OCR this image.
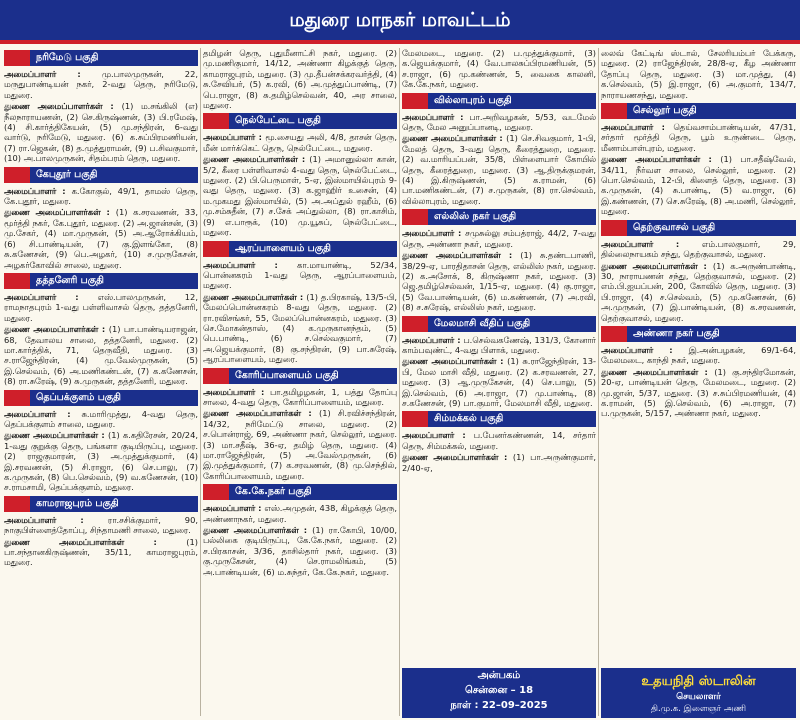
மதுரை மாநகர் மாவட்டம்
நரிமேடு பகுதி
அமைப்பாளர் : மு.பாலமுருகன், 22, மருதுபாண்டியன் நகர், 2-வது தெரு, நரிமேடு, மதுரை.
துணை அமைப்பாளர்கள் : (1) ம.சங்கிலி (எ) நீலநாராயணன், (2) செ.கிருஷ்ணன், (3) பி.ரமேஷ், (4) சி.கார்த்திகேயன், (5) மு.சந்திரன், 6-வது வார்டு, நரிமேடு, மதுரை. (6) க.சுப்பிரமணியன், (7) ரா.ஜெகன், (8) த.முத்துராமன், (9) ப.சிவகுமார், (10) அ.பாலமுருகன், சிதம்பரம் தெரு, மதுரை.
கேபுதூர் பகுதி
அமைப்பாளர் : க.கோகுல், 49/1, தாமஸ் தெரு, கே.புதூர், மதுரை.
துணை அமைப்பாளர்கள் : (1) க.சரவணன், 33, மூர்த்தி நகர், கே.புதூர், மதுரை. (2) அ.ஜான்சன், (3) மு.சேகர், (4) மா.முருகன், (5) அ.ஆரோக்கியம், (6) சி.பாண்டியன், (7) கு.இளங்கோ, (8) சு.கணேசன், (9) பெ.அழகர், (10) ச.முருகேசன், அழகர்கோவில் சாலை, மதுரை.
தத்தனேரி பகுதி
அமைப்பாளர் : எஸ்.பாலமுருகன், 12, ராமநாதபுரம் 1-வது பள்ளிவாசல் தெரு, தத்தனேரி, மதுரை.
துணை அமைப்பாளர்கள் : (1) பா.பாண்டியராஜன், 68, தேவாலய சாலை, தத்தனேரி, மதுரை. (2) மா.கார்த்திக், 71, தெருவீதி, மதுரை. (3) ச.ராஜேந்திரன், (4) மு.வேல்முருகன், (5) இ.செல்வம், (6) அ.மணிகண்டன், (7) க.கணேசன், (8) ரா.சுரேஷ், (9) சு.முருகன், தத்தனேரி, மதுரை.
தெப்பக்குளம் பகுதி
அமைப்பாளர் : சு.மாரிமுத்து, 4-வது தெரு, தெப்பக்குளம் சாலை, மதுரை.
துணை அமைப்பாளர்கள் : (1) க.கதிரேசன், 20/24, 1-வது குறுக்கு தெரு, பங்களா குடியிருப்பு, மதுரை. (2) ராஜகுமாரன், (3) அ.முத்துக்குமார், (4) இ.சரவணன், (5) சி.ராஜா, (6) செ.பாலு, (7) க.முருகன், (8) பெ.செல்வம், (9) வ.கணேசன், (10) ச.ராமசாமி, தெப்பக்குளம், மதுரை.
காமராஜபுரம் பகுதி
அமைப்பாளர் : ரா.சசிக்குமார், 90, நாகுபிள்ளைத்தோப்பு, சிந்தாமணி சாலை, மதுரை.
துணை அமைப்பாளர்கள் : (1) பா.சந்தானகிருஷ்ணன், 35/11, காமராஜபுரம், மதுரை.
தமிழன் தெரு, புதுமீனாட்சி நகர், மதுரை. (2) மு.மணிகுமார், 14/12, அண்ணா கிழக்குத் தெரு, காமராஜபுரம், மதுரை. (3) மு.தீபன்சக்கரவர்த்தி, (4) சு.சேவியர், (5) க.ரவி, (6) அ.முத்துப்பாண்டி, (7) பெ.ராஜா, (8) சு.தமிழ்செல்வன், 40, அர சாலை, மதுரை.
நெல்பேட்டை பகுதி
அமைப்பாளர் : மூ.சையது அலி, 4/8, தாசன் தெரு, மீன் மார்க்கெட் தெரு, நெல்பேட்டை, மதுரை.
துணை அமைப்பாளர்கள் : (1) அமானுல்லா கான், 5/2, கீரை பள்ளிவாசல் 4-வது தெரு, நெல்பேட்டை, மதுரை. (2) பி.பெருமாள், 5-ஏ, இஸ்மாயில்புரம் 9-வது தெரு, மதுரை. (3) க.ஜாஹிர் உசைன், (4) ம.முகமது இஸ்மாயில், (5) அ.அப்துல் ரஹீம், (6) மு.சம்சுதீன், (7) ச.சேக் அப்துல்லா, (8) ரா.காசிம், (9) எ.பாரூக், (10) மு.யூசுப், நெல்பேட்டை, மதுரை.
ஆரப்பாளையம் பகுதி
அமைப்பாளர் : கா.மாயாண்டி, 52/34, பொன்னகரம் 1-வது தெரு, ஆரப்பாளையம், மதுரை.
துணை அமைப்பாளர்கள் : (1) த.பிரகாஷ், 13/5-பி, மேலப்பொன்னகரம் 8-வது தெரு, மதுரை. (2) ரா.ரவிசங்கர், 55, மேலப்பொன்னகரம், மதுரை. (3) செ.மோகன்தாஸ், (4) க.முருகானந்தம், (5) பெ.பாண்டி, (6) ச.செல்வகுமார், (7) அ.ஜெயக்குமார், (8) கு.சந்திரன், (9) பா.சுரேஷ், ஆரப்பாளையம், மதுரை.
கோரிப்பாளையம் பகுதி
அமைப்பாளர் : பா.தமிழழகன், 1, பத்து தோப்பு சாலை, 4-வது தெரு, கோரிப்பாளையம், மதுரை.
துணை அமைப்பாளர்கள் : (1) சி.ரவிச்சந்திரன், 14/32, நரிமேட்டு சாலை, மதுரை. (2) ச.பொன்ராஜ், 69, அண்ணா நகர், செல்லூர், மதுரை. (3) மா.சதீஷ், 36-ஏ, தமிழ் தெரு, மதுரை. (4) மா.ராஜேந்திரன், (5) அ.வேல்முருகன், (6) இ.முத்துக்குமார், (7) க.சரவணன், (8) மு.செந்தில், கோரிப்பாளையம், மதுரை.
கே.கே.நகர் பகுதி
அமைப்பாளர் : எஸ்.அமுதன், 438, கிழக்குத் தெரு, அண்ணாநகர், மதுரை.
துணை அமைப்பாளர்கள் : (1) ரா.கோபி, 10/00, பல்லிகை குடியிருப்பு, கே.கே.நகர், மதுரை. (2) ச.பிரகாசன், 3/36, தாசில்தார் நகர், மதுரை. (3) கு.முருகேசன், (4) செ.ராமலிங்கம், (5) அ.பாண்டியன், (6) ம.சுந்தர், கே.கே.நகர், மதுரை.
மேலமடை, மதுரை. (2) ப.முத்துக்குமார், (3) க.ஜெயக்குமார், (4) வே.பாலசுப்பிரமணியன், (5) ச.ராஜா, (6) மு.கண்ணன், 5, வைகை காலனி, கே.கே.நகர், மதுரை.
வில்லாபுரம் பகுதி
அமைப்பாளர் : பா.அறிவழகன், 5/53, வடமேல் தெரு, மேல அனுப்பானடி, மதுரை.
துணை அமைப்பாளர்கள் : (1) செ.சிவகுமார், 1-பி, மேலத் தெரு, 3-வது தெரு, கீரைத்துறை, மதுரை. (2) வ.மாரியப்பன், 35/8, பிள்ளையார் கோயில் தெரு, கீரைத்துறை, மதுரை. (3) ஆ.திருக்குமரன், (4) இ.கிருஷ்ணன், (5) க.ராமன், (6) பா.மணிகண்டன், (7) ச.முருகன், (8) ரா.செல்வம், வில்லாபுரம், மதுரை.
எல்லிஸ் நகர் பகுதி
அமைப்பாளர் : சமுசுல்லு சம்பத்ராஜ், 44/2, 7-வது தெரு, அண்ணா நகர், மதுரை.
துணை அமைப்பாளர்கள் : (1) சு.தண்டபாணி, 38/29-ஏ, பாரதிதாசன் தெரு, எல்லிஸ் நகர், மதுரை. (2) க.அசோக், 8, கிருஷ்ணா நகர், மதுரை. (3) ஜெ.தமிழ்செல்வன், 1/15-ஏ, மதுரை. (4) கு.ராஜா, (5) வே.பாண்டியன், (6) ம.கண்ணன், (7) அ.ரவி, (8) ச.சுரேஷ், எல்லிஸ் நகர், மதுரை.
மேலமாசி வீதிப் பகுதி
அமைப்பாளர் : ப.செல்வகணேஷ், 131/3, கோனார் காம்பவுண்ட், 4-வது பிளாக், மதுரை.
துணை அமைப்பாளர்கள் : (1) சு.ராஜேந்திரன், 13-பி, மேல மாசி வீதி, மதுரை. (2) க.சரவணன், 27, மதுரை. (3) ஆ.முருகேசன், (4) செ.பாலு, (5) இ.செல்வம், (6) அ.ராஜா, (7) மு.பாண்டி, (8) ச.கணேசன், (9) பா.குமார், மேலமாசி வீதி, மதுரை.
சிம்மக்கல் பகுதி
அமைப்பாளர் : ப.பேனர்கண்ணன், 14, சர்தார் தெரு, சிம்மக்கல், மதுரை.
துணை அமைப்பாளர்கள் : (1) பா.அருண்குமார், 2/40-ஏ,
லைவ் கேட்டிங் ஸ்டால், சேலரியம்பர் பேக்கரு, மதுரை. (2) ராஜேந்திரன், 28/8-ஏ, கீழ அண்ணா தோப்பு தெரு, மதுரை. (3) மா.முத்து, (4) க.செல்வம், (5) இ.ராஜா, (6) அ.குமார், 134/7, நாராயணசந்து, மதுரை.
செல்லூர் பகுதி
அமைப்பாளர் : தெய்வசாம்பாண்டியன், 47/31, சர்தார் மூர்த்தி தெரு, பூம் உருண்டை தெரு, மீனாம்பாள்புரம், மதுரை.
துணை அமைப்பாளர்கள் : (1) பா.சதீஷ்வேல், 34/11, நீர்வள சாலை, செல்லூர், மதுரை. (2) பொ.செல்வம், 12-பி, கிளைத் தெரு, மதுரை. (3) க.முருகன், (4) சு.பாண்டி, (5) வ.ராஜா, (6) இ.கண்ணன், (7) செ.சுரேஷ், (8) அ.மணி, செல்லூர், மதுரை.
தெற்குவாசல் பகுதி
அமைப்பாளர் : எம்.பாலகுமார், 29, தில்லைநாயகம் சந்து, தெற்குவாசல், மதுரை.
துணை அமைப்பாளர்கள் : (1) க.அருண்பாண்டி, 30, நாராயணன் சந்து, தெற்குவாசல், மதுரை. (2) எம்.பி.ஐயப்பன், 200, கோவில் தெரு, மதுரை. (3) பி.ராஜா, (4) ச.செல்வம், (5) மு.கணேசன், (6) அ.முருகன், (7) இ.பாண்டியன், (8) க.சரவணன், தெற்குவாசல், மதுரை.
அண்ணா நகர் பகுதி
அமைப்பாளர் : இ.அன்பழகன், 69/1-64, மேலமடை, காந்தி நகர், மதுரை.
துணை அமைப்பாளர்கள் : (1) கு.சந்திரமோகன், 20-ஏ, பாண்டியன் தெரு, மேலமடை, மதுரை. (2) மு.ஜான், 5/37, மதுரை. (3) ச.சுப்பிரமணியன், (4) க.ராமன், (5) இ.செல்வம், (6) அ.ராஜா, (7) ப.முருகன், 5/157, அண்ணா நகர், மதுரை.
அன்பகம்
சென்னை – 18
நாள் : 22–09–2025
உதயநிதி ஸ்டாலின்
செயலாளர்
தி.மு.க. இளைஞர் அணி
